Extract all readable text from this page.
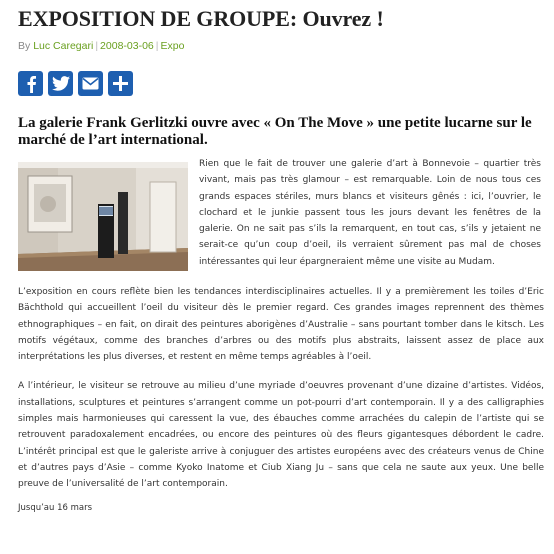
EXPOSITION DE GROUPE: Ouvrez !
By Luc Caregari | 2008-03-06 | Expo
La galerie Frank Gerlitzki ouvre avec « On The Move » une petite lucarne sur le marché de l’art international.

Rien que le fait de trouver une galerie d’art à Bonnevoie – quartier très vivant, mais pas très glamour – est remarquable. Loin de nous tous ces grands espaces stériles, murs blancs et visiteurs gênés : ici, l’ouvrier, le clochard et le junkie passent tous les jours devant les fenêtres de la galerie. On ne sait pas s’ils la remarquent, en tout cas, s’ils y jetaient ne serait-ce qu’un coup d’oeil, ils verraient sûrement pas mal de choses intéressantes qui leur épargneraient même une visite au Mudam.

L’exposition en cours reflète bien les tendances interdisciplinaires actuelles. Il y a premièrement les toiles d’Eric Bächthold qui accueillent l’oeil du visiteur dès le premier regard. Ces grandes images reprennent des thèmes ethnographiques – en fait, on dirait des peintures aborigènes d’Australie – sans pourtant tomber dans le kitsch. Les motifs végétaux, comme des branches d’arbres ou des motifs plus abstraits, laissent assez de place aux interprétations les plus diverses, et restent en même temps agréables à l’oeil.

A l’intérieur, le visiteur se retrouve au milieu d’une myriade d’oeuvres provenant d’une dizaine d’artistes. Vidéos, installations, sculptures et peintures s’arrangent comme un pot-pourri d’art contemporain. Il y a des calligraphies simples mais harmonieuses qui caressent la vue, des ébauches comme arrachées du calepin de l’artiste qui se retrouvent paradoxalement encadrées, ou encore des peintures où des fleurs gigantesques débordent le cadre. L’intérêt principal est que le galeriste arrive à conjuguer des artistes européens avec des créateurs venus de Chine et d’autres pays d’Asie – comme Kyoko Inatome et Ciub Xiang Ju – sans que cela ne saute aux yeux. Une belle preuve de l’universalité de l’art contemporain.

Jusqu’au 16 mars
